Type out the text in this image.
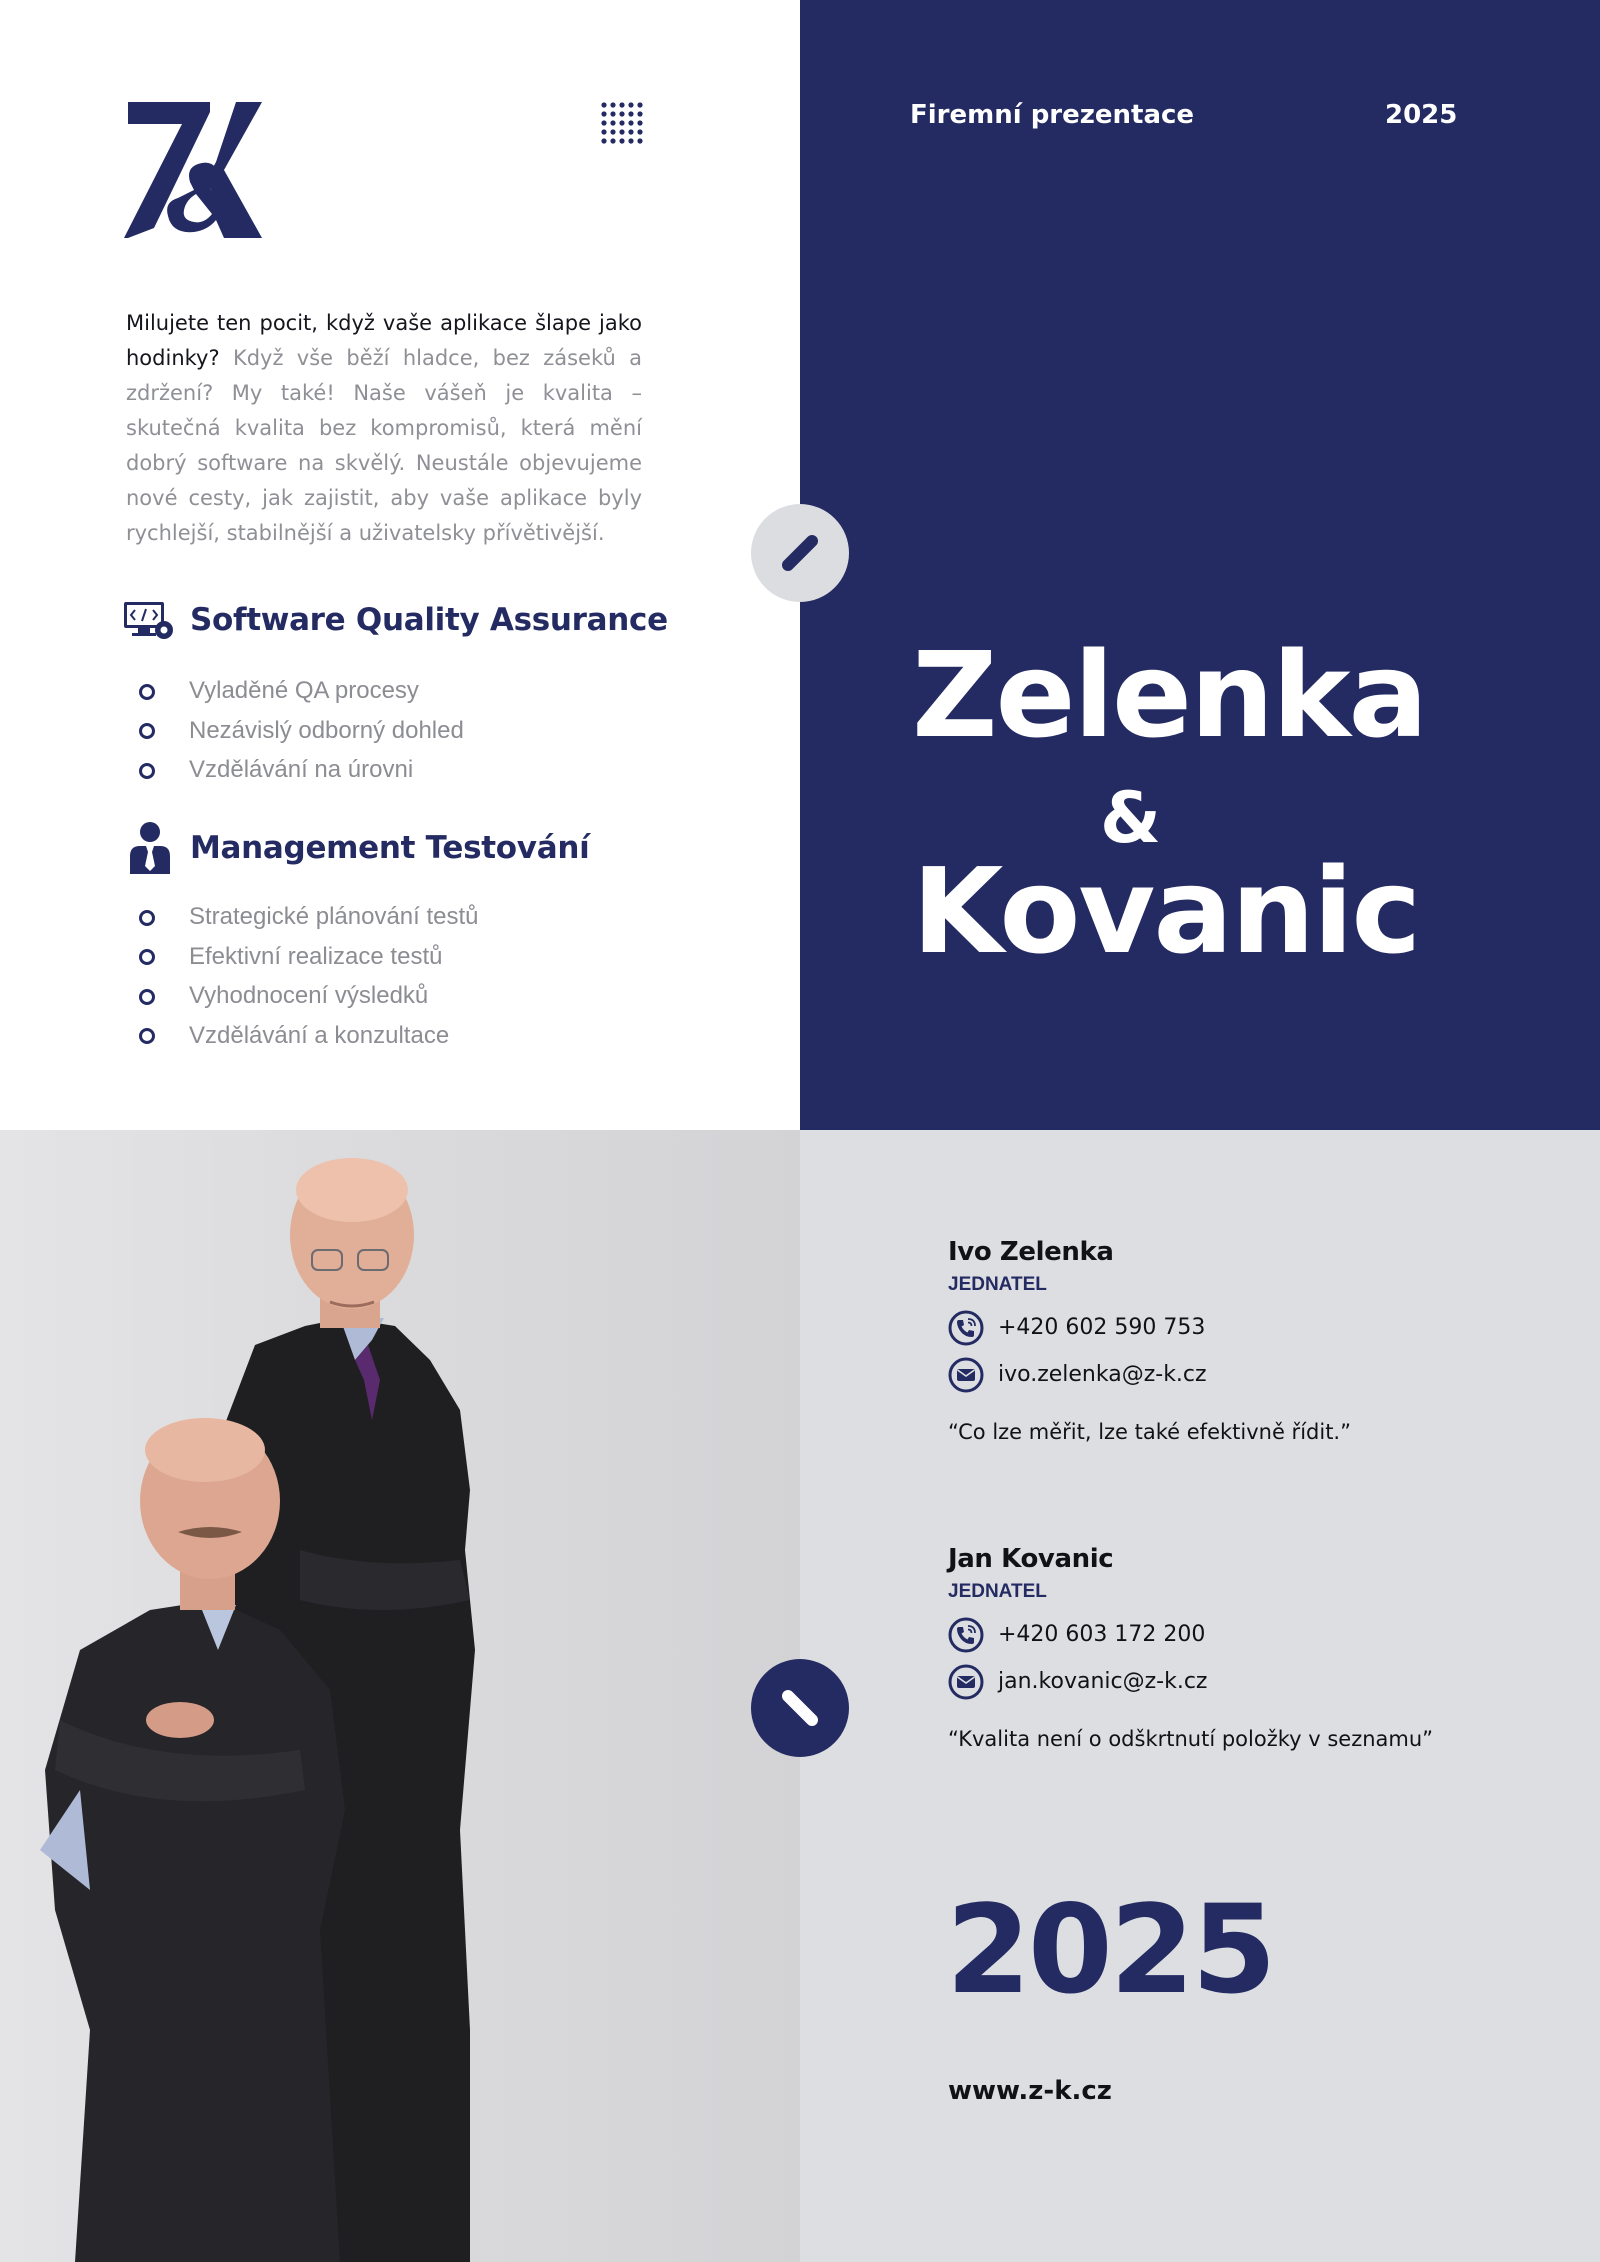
Milujete ten pocit, když vaše aplikace šlape jako hodinky? Když vše běží hladce, bez záseků a zdržení? My také! Naše vášeň je kvalita – skutečná kvalita bez kompromisů, která mění dobrý software na skvělý. Neustále objevujeme nové cesty, jak zajistit, aby vaše aplikace byly rychlejší, stabilnější a uživatelsky přívětivější.

Software Quality Assurance
Vyladěné QA procesy
Nezávislý odborný dohled
Vzdělávání na úrovni
Management Testování
Strategické plánování testů
Efektivní realizace testů
Vyhodnocení výsledků
Vzdělávání a konzultace
Firemní prezentace	2025
Zelenka
&
Kovanic
Ivo Zelenka
JEDNATEL
+420 602 590 753
ivo.zelenka@z-k.cz
“Co lze měřit, lze také efektivně řídit.”
Jan Kovanic
JEDNATEL
+420 603 172 200
jan.kovanic@z-k.cz
“Kvalita není o odškrtnutí položky v seznamu”
2025
www.z-k.cz
